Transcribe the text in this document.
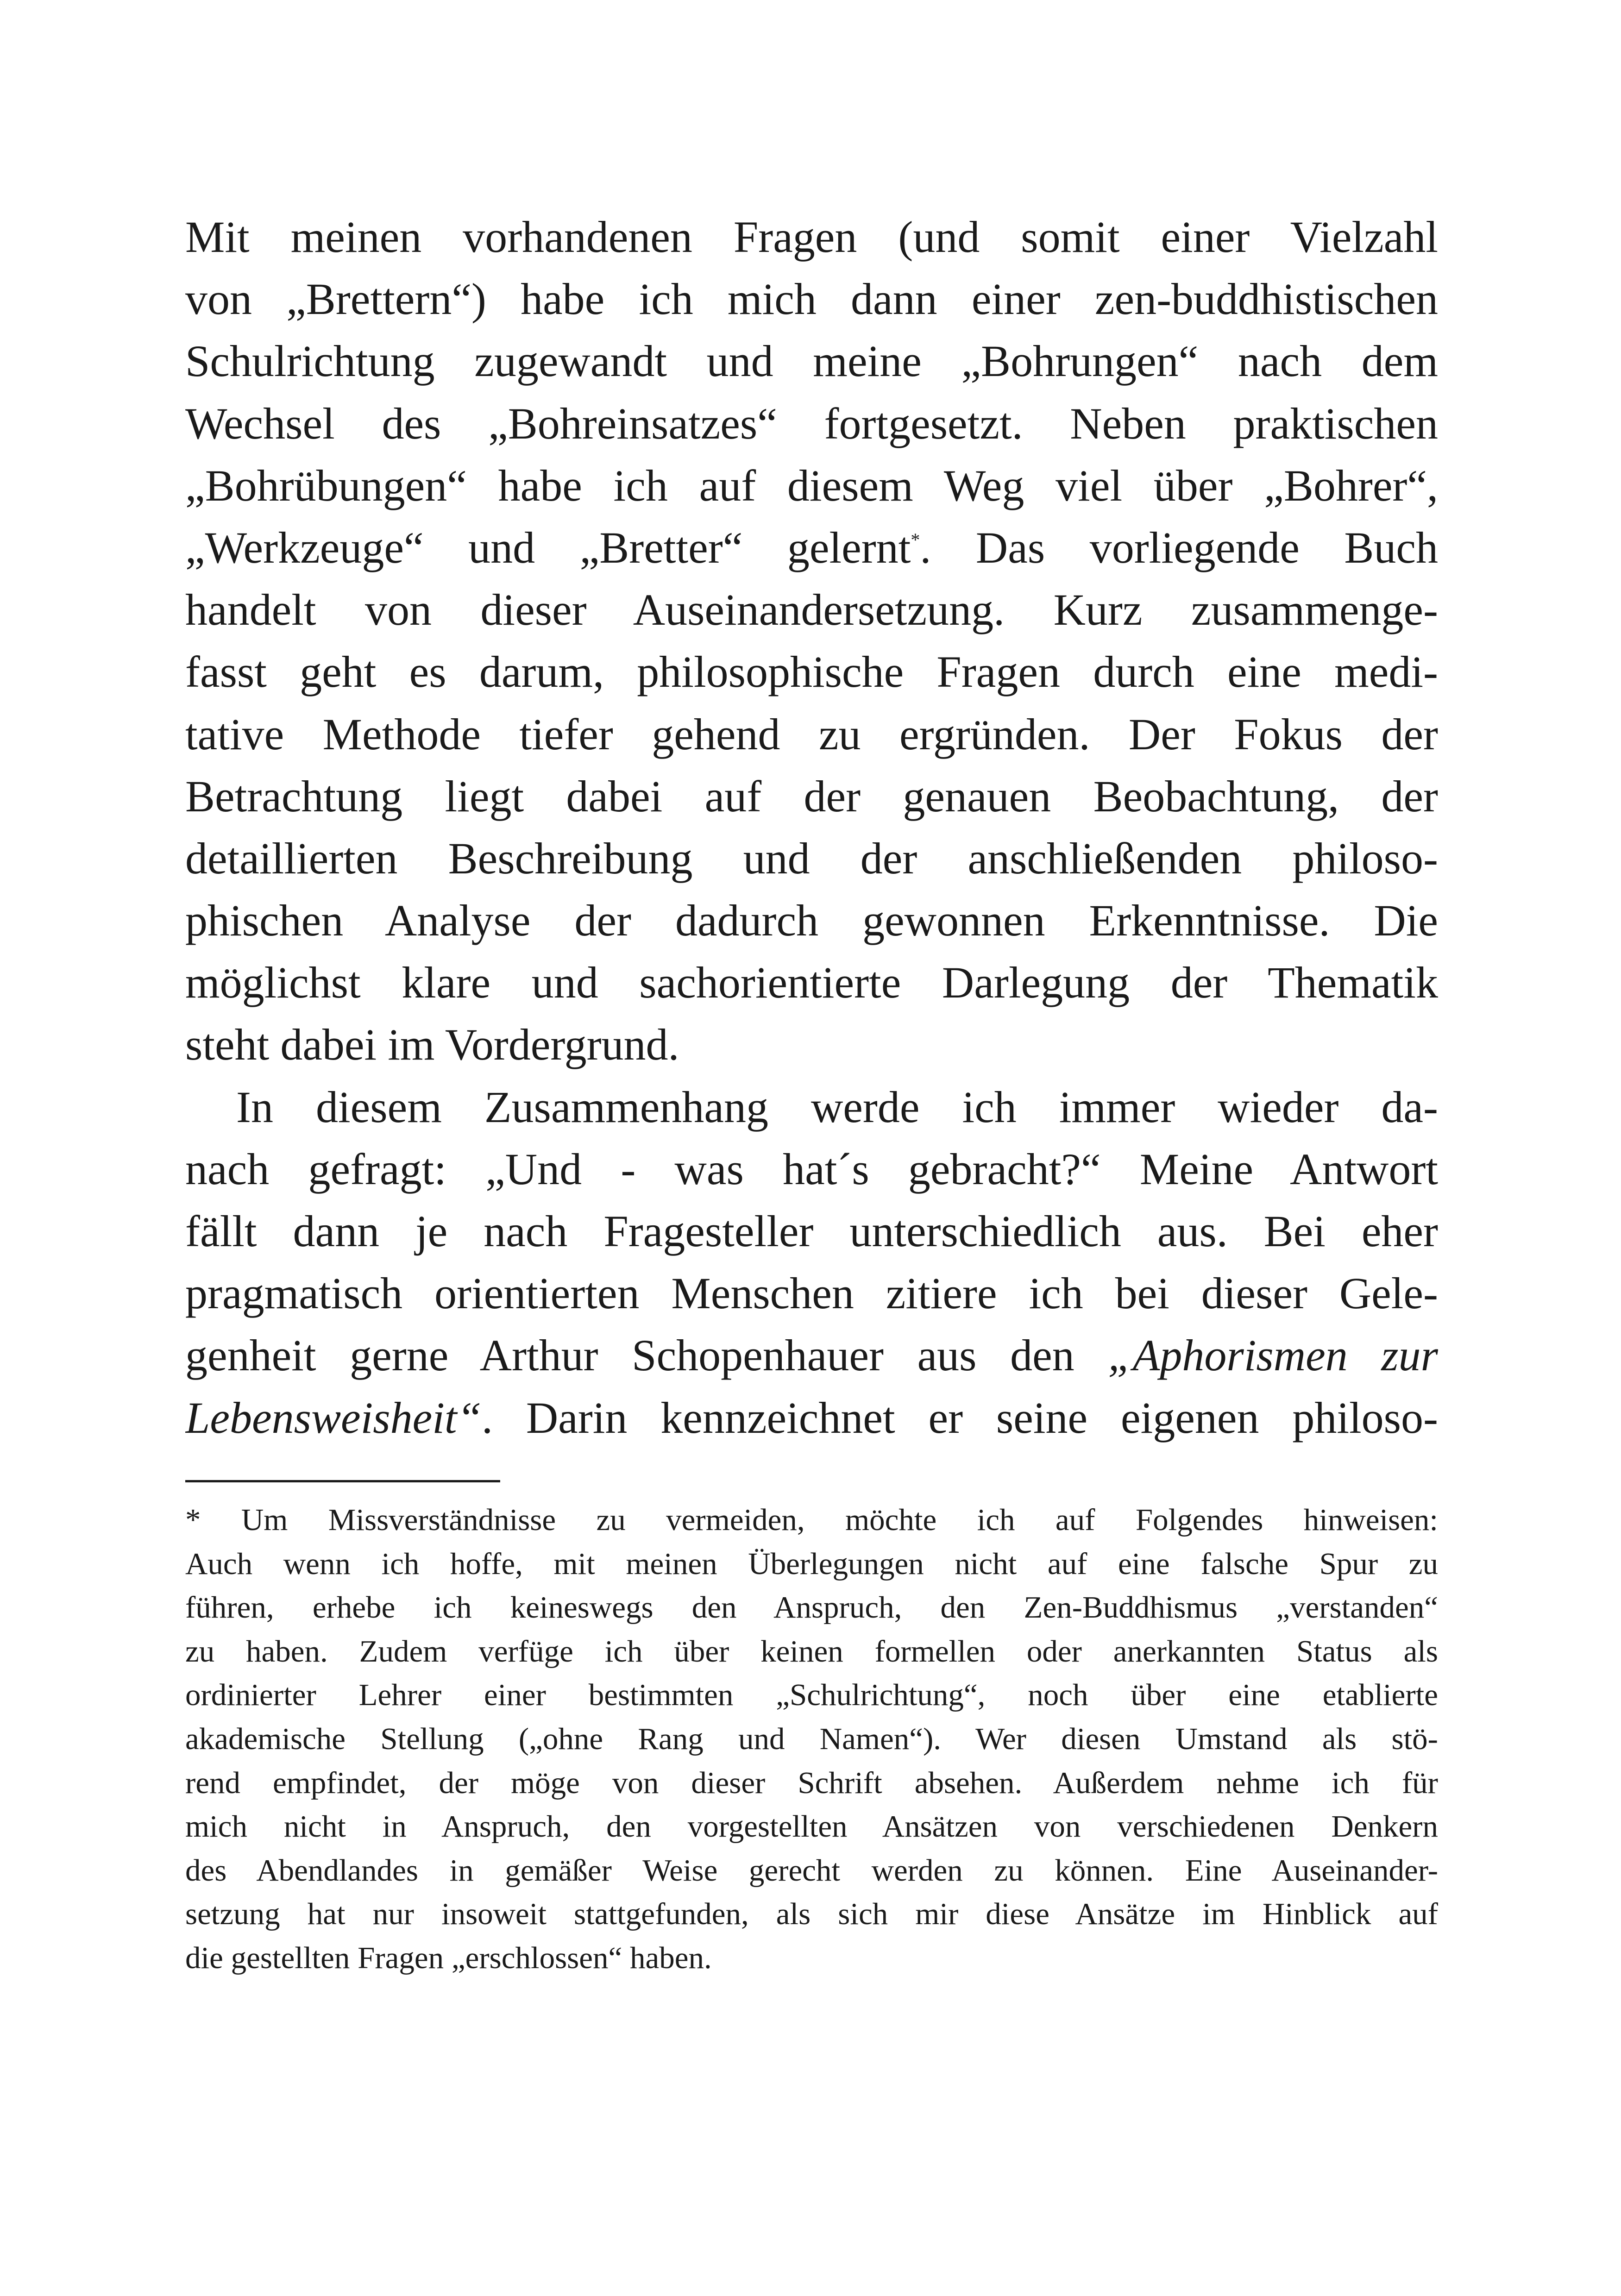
Mit meinen vorhandenen Fragen (und somit einer Vielzahl
von „Brettern“) habe ich mich dann einer zen-buddhistischen
Schulrichtung zugewandt und meine „Bohrungen“ nach dem
Wechsel des „Bohreinsatzes“ fortgesetzt. Neben praktischen
„Bohrübungen“ habe ich auf diesem Weg viel über „Bohrer“,
„Werkzeuge“ und „Bretter“ gelernt*. Das vorliegende Buch
handelt von dieser Auseinandersetzung. Kurz zusammenge-
fasst geht es darum, philosophische Fragen durch eine medi-
tative Methode tiefer gehend zu ergründen. Der Fokus der
Betrachtung liegt dabei auf der genauen Beobachtung, der
detaillierten Beschreibung und der anschließenden philoso-
phischen Analyse der dadurch gewonnen Erkenntnisse. Die
möglichst klare und sachorientierte Darlegung der Thematik
steht dabei im Vordergrund.
In diesem Zusammenhang werde ich immer wieder da-
nach gefragt: „Und - was hat´s gebracht?“ Meine Antwort
fällt dann je nach Fragesteller unterschiedlich aus. Bei eher
pragmatisch orientierten Menschen zitiere ich bei dieser Gele-
genheit gerne Arthur Schopenhauer aus den „Aphorismen zur
Lebensweisheit“. Darin kennzeichnet er seine eigenen philoso-
* Um Missverständnisse zu vermeiden, möchte ich auf Folgendes hinweisen:
Auch wenn ich hoffe, mit meinen Überlegungen nicht auf eine falsche Spur zu
führen, erhebe ich keineswegs den Anspruch, den Zen-Buddhismus „verstanden“
zu haben. Zudem verfüge ich über keinen formellen oder anerkannten Status als
ordinierter Lehrer einer bestimmten „Schulrichtung“, noch über eine etablierte
akademische Stellung („ohne Rang und Namen“). Wer diesen Umstand als stö-
rend empfindet, der möge von dieser Schrift absehen. Außerdem nehme ich für
mich nicht in Anspruch, den vorgestellten Ansätzen von verschiedenen Denkern
des Abendlandes in gemäßer Weise gerecht werden zu können. Eine Auseinander-
setzung hat nur insoweit stattgefunden, als sich mir diese Ansätze im Hinblick auf
die gestellten Fragen „erschlossen“ haben.
